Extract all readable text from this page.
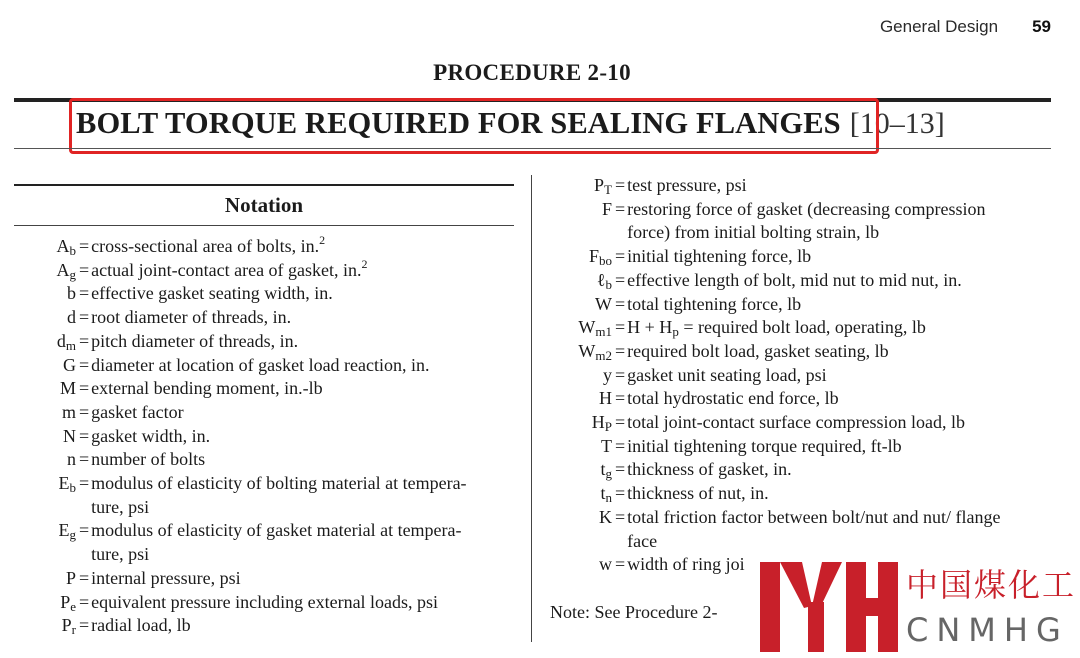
General Design 59
PROCEDURE 2-10
BOLT TORQUE REQUIRED FOR SEALING FLANGES [10–13]
Notation
$A_b$ = cross-sectional area of bolts, in.$^2$
$A_g$ = actual joint-contact area of gasket, in.$^2$
b = effective gasket seating width, in.
d = root diameter of threads, in.
$d_m$ = pitch diameter of threads, in.
G = diameter at location of gasket load reaction, in.
M = external bending moment, in.-lb
m = gasket factor
N = gasket width, in.
n = number of bolts
$E_b$ = modulus of elasticity of bolting material at tempera-

ture, psi
$E_g$ = modulus of elasticity of gasket material at tempera-

ture, psi
P = internal pressure, psi
$P_e$ = equivalent pressure including external loads, psi
$P_r$ = radial load, lb
$P_T$ = test pressure, psi
F = restoring force of gasket (decreasing compression

force) from initial bolting strain, lb
$F_{bo}$ = initial tightening force, lb
ℓ$_b$ = effective length of bolt, mid nut to mid nut, in.
W = total tightening force, lb
$W_{m1} = H + H_p$ = required bolt load, operating, lb
$W_{m2}$ = required bolt load, gasket seating, lb
y = gasket unit seating load, psi
H = total hydrostatic end force, lb
$H_P$ = total joint-contact surface compression load, lb
T = initial tightening torque required, ft-lb
$t_g$ = thickness of gasket, in.
$t_n$ = thickness of nut, in.
K = total friction factor between bolt/nut and nut/ flange

face
w = width of ring joi
Note: See Procedure 2-
中国煤化工
CNMHG
